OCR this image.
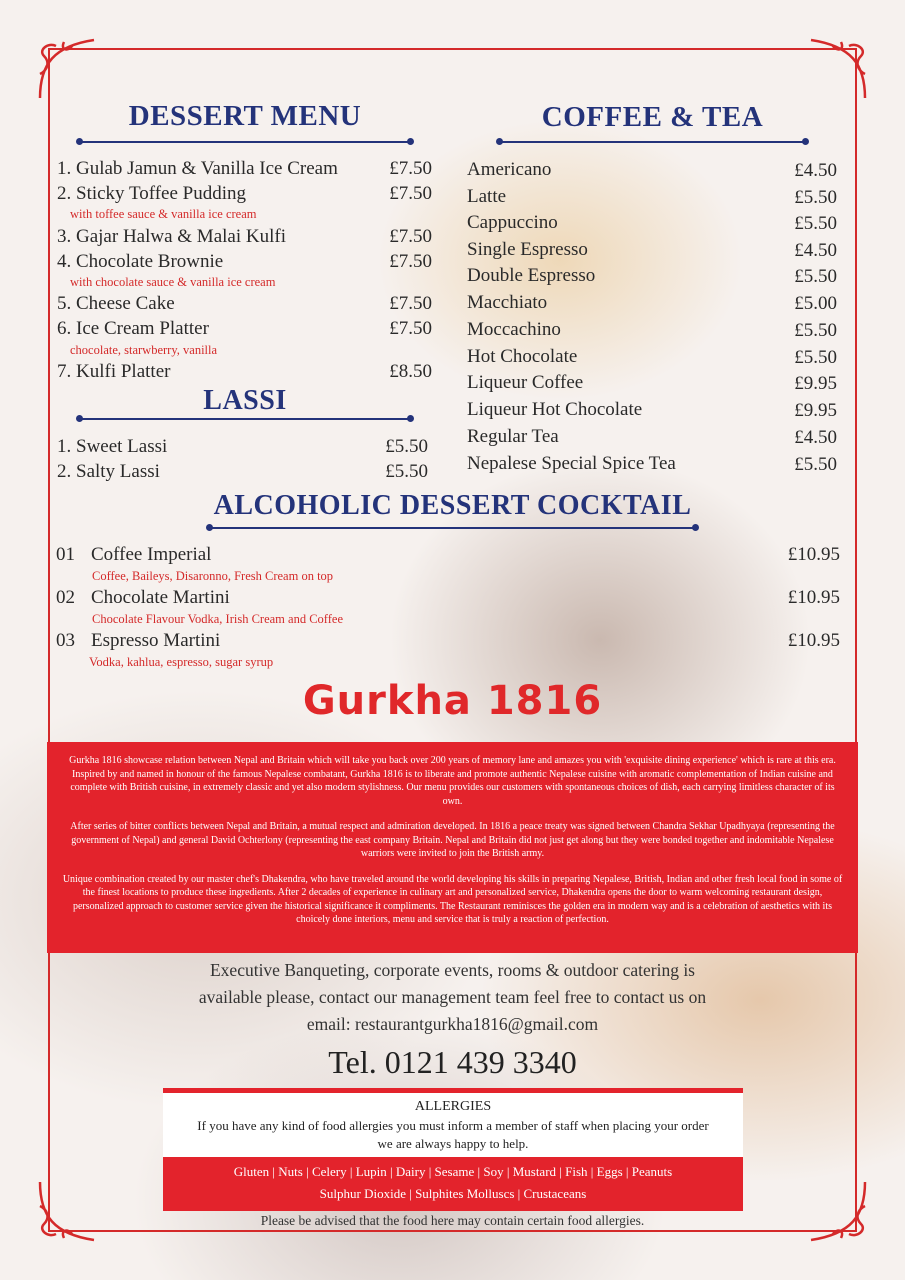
DESSERT MENU
1. Gulab Jamun & Vanilla Ice Cream	£7.50
2. Sticky Toffee Pudding	£7.50
with toffee sauce & vanilla ice cream
3. Gajar Halwa & Malai Kulfi	£7.50
4. Chocolate Brownie	£7.50
with chocolate sauce & vanilla ice cream
5. Cheese Cake	£7.50
6. Ice Cream Platter	£7.50
chocolate, starwberry, vanilla
7. Kulfi Platter	£8.50
LASSI
1. Sweet Lassi	£5.50
2. Salty Lassi	£5.50
COFFEE & TEA
Americano	£4.50
Latte	£5.50
Cappuccino	£5.50
Single Espresso	£4.50
Double Espresso	£5.50
Macchiato	£5.00
Moccachino	£5.50
Hot Chocolate	£5.50
Liqueur Coffee	£9.95
Liqueur Hot Chocolate	£9.95
Regular Tea	£4.50
Nepalese Special Spice Tea	£5.50
ALCOHOLIC DESSERT COCKTAIL
01 Coffee Imperial	£10.95
Coffee, Baileys, Disaronno, Fresh Cream on top
02 Chocolate Martini	£10.95
Chocolate Flavour Vodka, Irish Cream and Coffee
03 Espresso Martini	£10.95
Vodka, kahlua, espresso, sugar syrup
Gurkha 1816

Gurkha 1816 showcase relation between Nepal and Britain which will take you back over 200 years of memory lane and amazes you with 'exquisite dining experience' which is rare at this era. Inspired by and named in honour of the famous Nepalese combatant, Gurkha 1816 is to liberate and promote authentic Nepalese cuisine with aromatic complementation of Indian cuisine and complete with British cuisine, in extremely classic and yet also modern stylishness. Our menu provides our customers with spontaneous choices of dish, each carrying limitless character of its own.

After series of bitter conflicts between Nepal and Britain, a mutual respect and admiration developed. In 1816 a peace treaty was signed between Chandra Sekhar Upadhyaya (representing the government of Nepal) and general David Ochterlony (representing the east company Britain. Nepal and Britain did not just get along but they were bonded together and indomitable Nepalese warriors were invited to join the British army.

Unique combination created by our master chef's Dhakendra, who have traveled around the world developing his skills in preparing Nepalese, British, Indian and other fresh local food in some of the finest locations to produce these ingredients. After 2 decades of experience in culinary art and personalized service, Dhakendra opens the door to warm welcoming restaurant design, personalized approach to customer service given the historical significance it compliments. The Restaurant reminisces the golden era in modern way and is a celebration of aesthetics with its choicely done interiors, menu and service that is truly a reaction of perfection.

Executive Banqueting, corporate events, rooms & outdoor catering is
available please, contact our management team feel free to contact us on
email: restaurantgurkha1816@gmail.com
Tel. 0121 439 3340
ALLERGIES
If you have any kind of food allergies you must inform a member of staff when placing your order
we are always happy to help.
Gluten | Nuts | Celery | Lupin | Dairy | Sesame | Soy | Mustard | Fish | Eggs | Peanuts
Sulphur Dioxide | Sulphites Molluscs | Crustaceans
Please be advised that the food here may contain certain food allergies.
